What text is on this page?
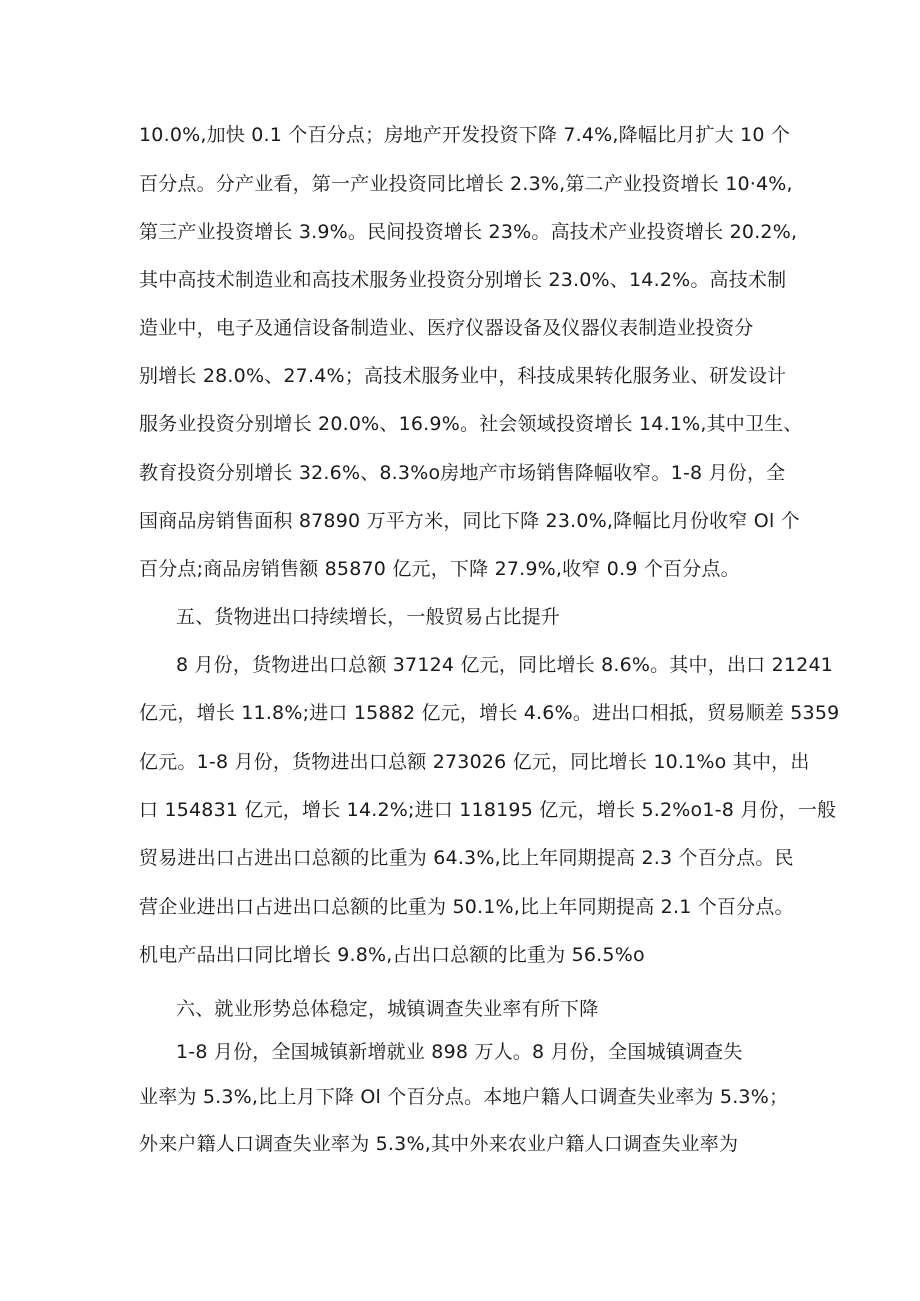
10.0%,加快 0.1 个百分点；房地产开发投资下降 7.4%,降幅比月扩大 10 个
百分点。分产业看，第一产业投资同比增长 2.3%,第二产业投资增长 10·4%,
第三产业投资增长 3.9%。民间投资增长 23%。高技术产业投资增长 20.2%,
其中高技术制造业和高技术服务业投资分别增长 23.0%、14.2%。高技术制
造业中，电子及通信设备制造业、医疗仪器设备及仪器仪表制造业投资分
别增长 28.0%、27.4%；高技术服务业中，科技成果转化服务业、研发设计
服务业投资分别增长 20.0%、16.9%。社会领域投资增长 14.1%,其中卫生、
教育投资分别增长 32.6%、8.3%o房地产市场销售降幅收窄。1-8 月份，全
国商品房销售面积 87890 万平方米，同比下降 23.0%,降幅比月份收窄 Ol 个
百分点;商品房销售额 85870 亿元，下降 27.9%,收窄 0.9 个百分点。
五、货物进出口持续增长，一般贸易占比提升
8 月份，货物进出口总额 37124 亿元，同比增长 8.6%。其中，出口 21241
亿元，增长 11.8%;进口 15882 亿元，增长 4.6%。进出口相抵，贸易顺差 5359
亿元。1-8 月份，货物进出口总额 273026 亿元，同比增长 10.1%o 其中，出
口 154831 亿元，增长 14.2%;进口 118195 亿元，增长 5.2%o1-8 月份，一般
贸易进出口占进出口总额的比重为 64.3%,比上年同期提高 2.3 个百分点。民
营企业进出口占进出口总额的比重为 50.1%,比上年同期提高 2.1 个百分点。
机电产品出口同比增长 9.8%,占出口总额的比重为 56.5%o
六、就业形势总体稳定，城镇调查失业率有所下降
1-8 月份，全国城镇新增就业 898 万人。8 月份，全国城镇调查失
业率为 5.3%,比上月下降 Ol 个百分点。本地户籍人口调查失业率为 5.3%；
外来户籍人口调查失业率为 5.3%,其中外来农业户籍人口调查失业率为
